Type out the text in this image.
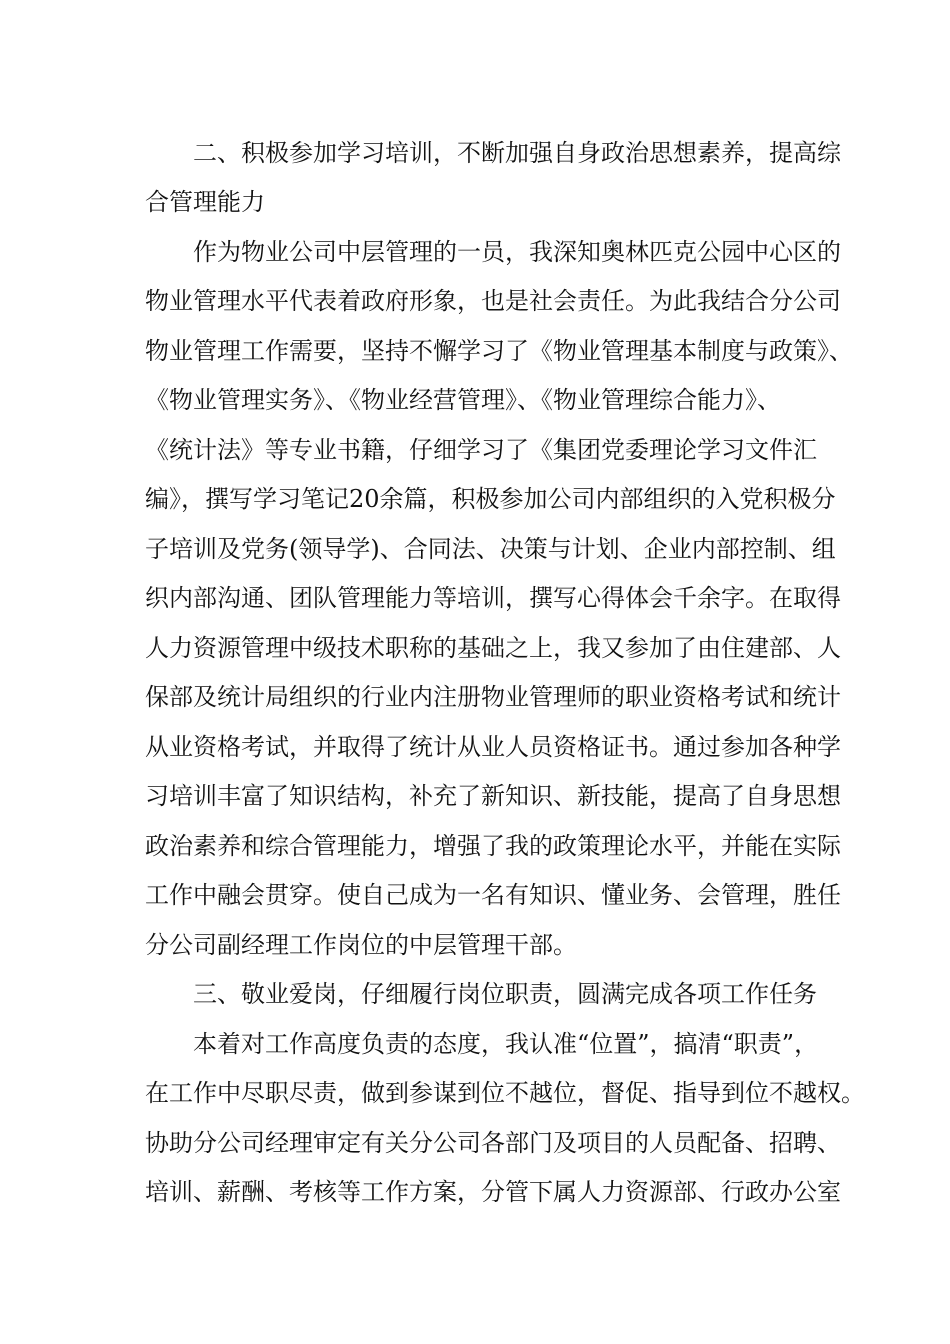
二、积极参加学习培训，不断加强自身政治思想素养，提高综

合管理能力

作为物业公司中层管理的一员，我深知奥林匹克公园中心区的

物业管理水平代表着政府形象，也是社会责任。为此我结合分公司

物业管理工作需要，坚持不懈学习了《物业管理基本制度与政策》、

《物业管理实务》、《物业经营管理》、《物业管理综合能力》、

《统计法》等专业书籍，仔细学习了《集团党委理论学习文件汇

编》，撰写学习笔记20余篇，积极参加公司内部组织的入党积极分

子培训及党务(领导学)、合同法、决策与计划、企业内部控制、组

织内部沟通、团队管理能力等培训，撰写心得体会千余字。在取得

人力资源管理中级技术职称的基础之上，我又参加了由住建部、人

保部及统计局组织的行业内注册物业管理师的职业资格考试和统计

从业资格考试，并取得了统计从业人员资格证书。通过参加各种学

习培训丰富了知识结构，补充了新知识、新技能，提高了自身思想

政治素养和综合管理能力，增强了我的政策理论水平，并能在实际

工作中融会贯穿。使自己成为一名有知识、懂业务、会管理，胜任

分公司副经理工作岗位的中层管理干部。

三、敬业爱岗，仔细履行岗位职责，圆满完成各项工作任务

本着对工作高度负责的态度，我认准“位置”，搞清“职责”，

在工作中尽职尽责，做到参谋到位不越位，督促、指导到位不越权。

协助分公司经理审定有关分公司各部门及项目的人员配备、招聘、

培训、薪酬、考核等工作方案，分管下属人力资源部、行政办公室
